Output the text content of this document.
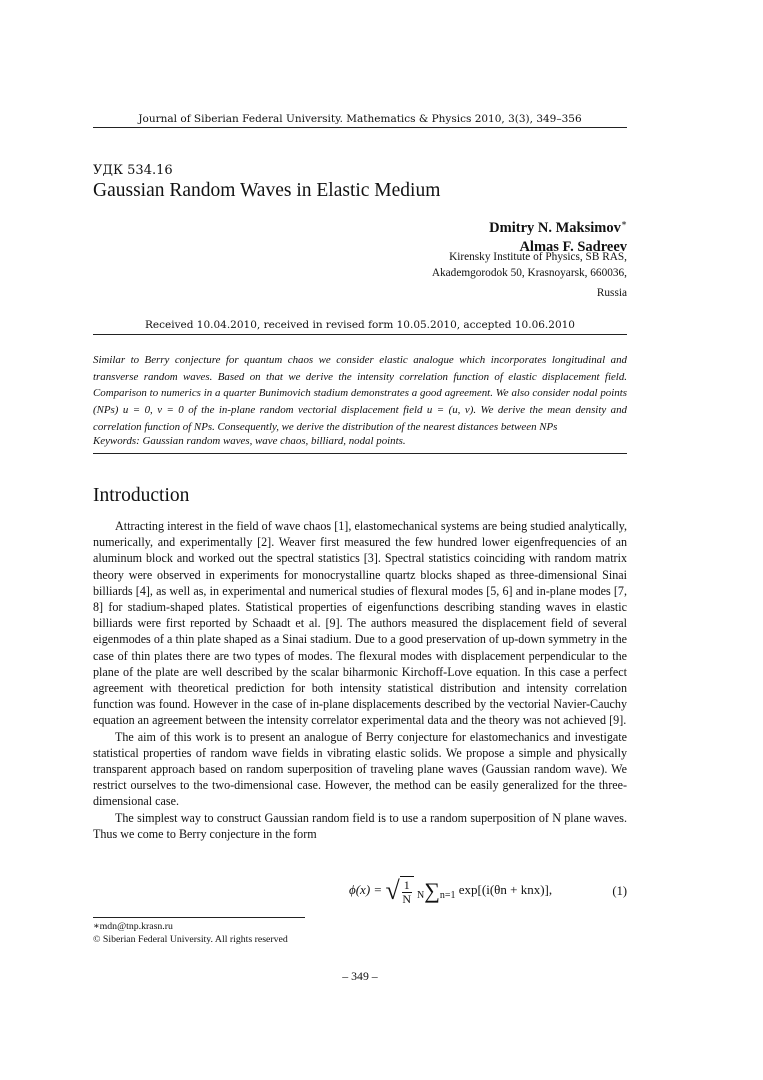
Journal of Siberian Federal University. Mathematics & Physics 2010, 3(3), 349–356
УДК 534.16
Gaussian Random Waves in Elastic Medium
Dmitry N. Maksimov∗
Almas F. Sadreev
Kirensky Institute of Physics, SB RAS,
Akademgorodok 50, Krasnoyarsk, 660036,
Russia
Received 10.04.2010, received in revised form 10.05.2010, accepted 10.06.2010
Similar to Berry conjecture for quantum chaos we consider elastic analogue which incorporates longitudinal and transverse random waves. Based on that we derive the intensity correlation function of elastic displacement field. Comparison to numerics in a quarter Bunimovich stadium demonstrates a good agreement. We also consider nodal points (NPs) u = 0, v = 0 of the in-plane random vectorial displacement field u = (u, v). We derive the mean density and correlation function of NPs. Consequently, we derive the distribution of the nearest distances between NPs
Keywords: Gaussian random waves, wave chaos, billiard, nodal points.
Introduction

Attracting interest in the field of wave chaos [1], elastomechanical systems are being studied analytically, numerically, and experimentally [2]. Weaver first measured the few hundred lower eigenfrequencies of an aluminum block and worked out the spectral statistics [3]. Spectral statistics coinciding with random matrix theory were observed in experiments for monocrystalline quartz blocks shaped as three-dimensional Sinai billiards [4], as well as, in experimental and numerical studies of flexural modes [5, 6] and in-plane modes [7, 8] for stadium-shaped plates. Statistical properties of eigenfunctions describing standing waves in elastic billiards were first reported by Schaadt et al. [9]. The authors measured the displacement field of several eigenmodes of a thin plate shaped as a Sinai stadium. Due to a good preservation of up-down symmetry in the case of thin plates there are two types of modes. The flexural modes with displacement perpendicular to the plane of the plate are well described by the scalar biharmonic Kirchoff-Love equation. In this case a perfect agreement with theoretical prediction for both intensity statistical distribution and intensity correlation function was found. However in the case of in-plane displacements described by the vectorial Navier-Cauchy equation an agreement between the intensity correlator experimental data and the theory was not achieved [9].

The aim of this work is to present an analogue of Berry conjecture for elastomechanics and investigate statistical properties of random wave fields in vibrating elastic solids. We propose a simple and physically transparent approach based on random superposition of traveling plane waves (Gaussian random wave). We restrict ourselves to the two-dimensional case. However, the method can be easily generalized for the three-dimensional case.

The simplest way to construct Gaussian random field is to use a random superposition of N plane waves. Thus we come to Berry conjecture in the form

ϕ(x) = √ $\frac{1}{N} N\sum n=1$ exp[(i(θn + knx)],	(1)
∗mdn@tnp.krasn.ru
© Siberian Federal University. All rights reserved
– 349 –
